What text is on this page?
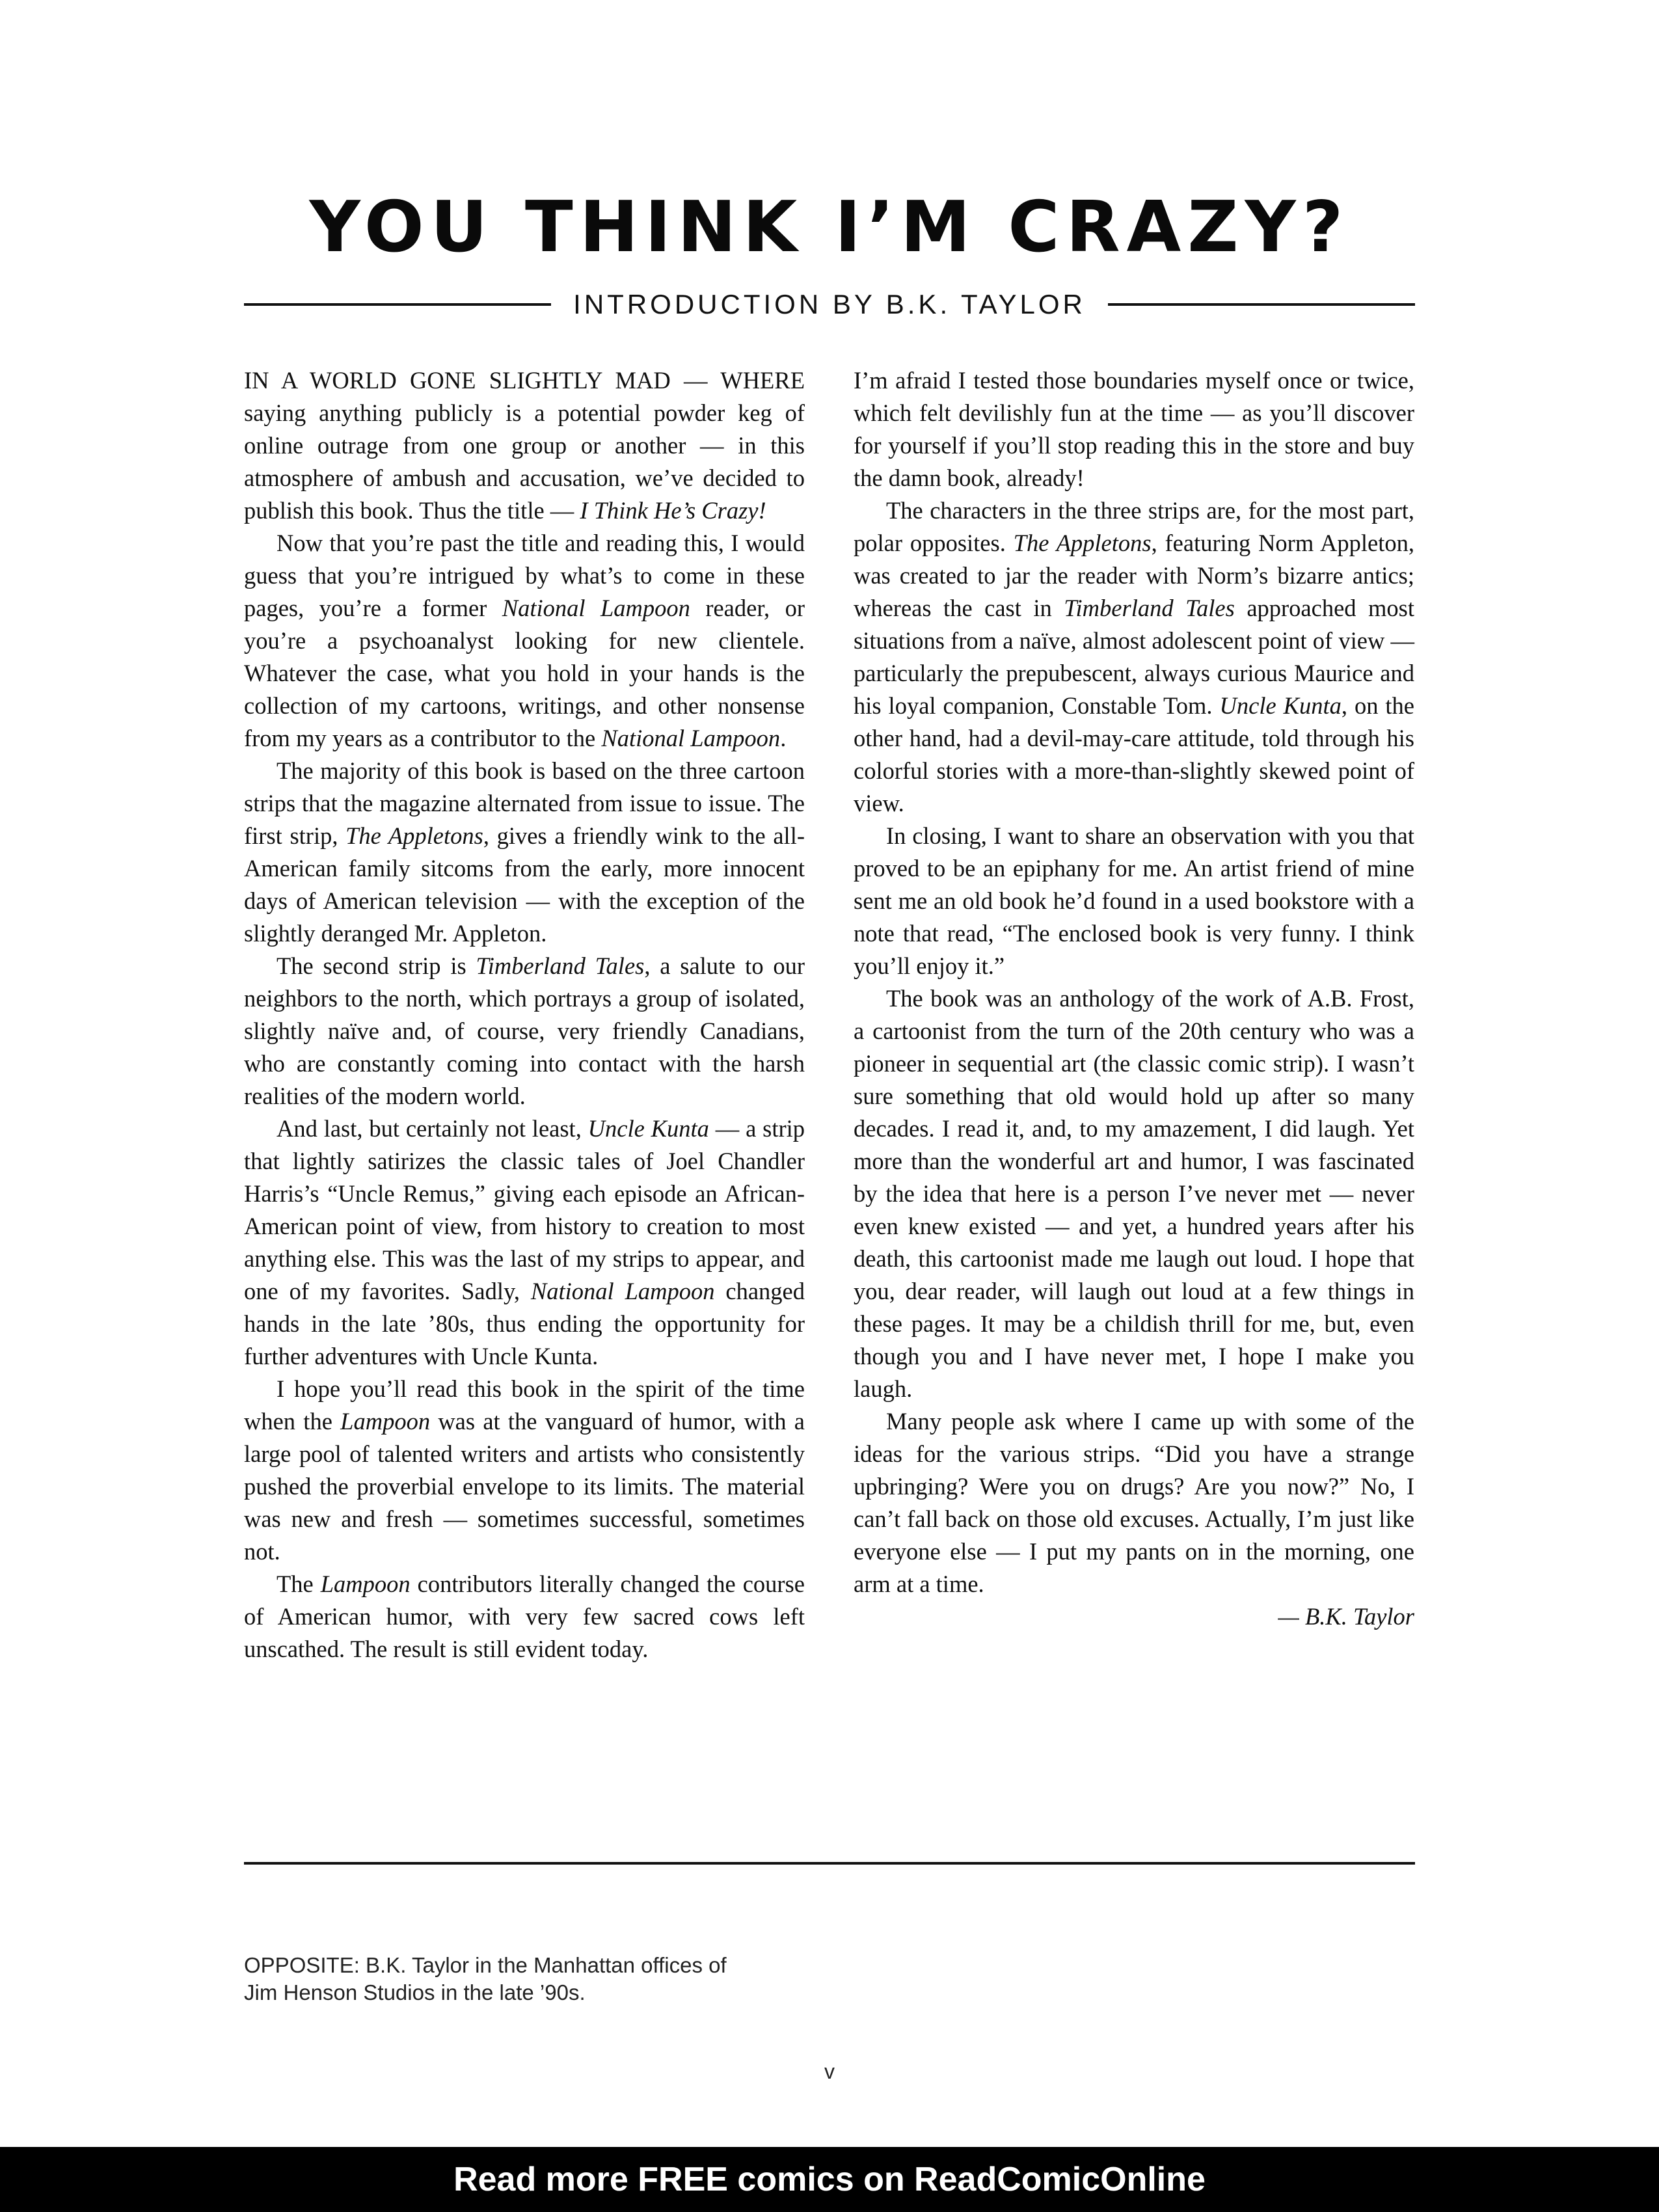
YOU THINK I’M CRAZY?
INTRODUCTION BY B.K. TAYLOR

IN A WORLD GONE SLIGHTLY MAD — WHERE saying anything publicly is a potential powder keg of online outrage from one group or another — in this atmosphere of ambush and accusation, we’ve decided to publish this book. Thus the title — I Think He’s Crazy!

Now that you’re past the title and reading this, I would guess that you’re intrigued by what’s to come in these pages, you’re a former National Lampoon reader, or you’re a psychoanalyst looking for new clientele. Whatever the case, what you hold in your hands is the collection of my cartoons, writings, and other nonsense from my years as a contributor to the National Lampoon.

The majority of this book is based on the three cartoon strips that the magazine alternated from issue to issue. The first strip, The Appletons, gives a friendly wink to the all-American family sitcoms from the early, more innocent days of American television — with the exception of the slightly deranged Mr. Appleton.

The second strip is Timberland Tales, a salute to our neighbors to the north, which portrays a group of isolated, slightly naïve and, of course, very friendly Canadians, who are constantly coming into contact with the harsh realities of the modern world.

And last, but certainly not least, Uncle Kunta — a strip that lightly satirizes the classic tales of Joel Chandler Harris’s “Uncle Remus,” giving each episode an African-American point of view, from history to creation to most anything else. This was the last of my strips to appear, and one of my favorites. Sadly, National Lampoon changed hands in the late ’80s, thus ending the opportunity for further adventures with Uncle Kunta.

I hope you’ll read this book in the spirit of the time when the Lampoon was at the vanguard of humor, with a large pool of talented writers and artists who consistently pushed the proverbial envelope to its limits. The material was new and fresh — sometimes successful, sometimes not.

The Lampoon contributors literally changed the course of American humor, with very few sacred cows left unscathed. The result is still evident today.

I’m afraid I tested those boundaries myself once or twice, which felt devilishly fun at the time — as you’ll discover for yourself if you’ll stop reading this in the store and buy the damn book, already!

The characters in the three strips are, for the most part, polar opposites. The Appletons, featuring Norm Appleton, was created to jar the reader with Norm’s bizarre antics; whereas the cast in Timberland Tales approached most situations from a naïve, almost adolescent point of view — particularly the prepubescent, always curious Maurice and his loyal companion, Constable Tom. Uncle Kunta, on the other hand, had a devil-may-care attitude, told through his colorful stories with a more-than-slightly skewed point of view.

In closing, I want to share an observation with you that proved to be an epiphany for me. An artist friend of mine sent me an old book he’d found in a used bookstore with a note that read, “The enclosed book is very funny. I think you’ll enjoy it.”

The book was an anthology of the work of A.B. Frost, a cartoonist from the turn of the 20th century who was a pioneer in sequential art (the classic comic strip). I wasn’t sure something that old would hold up after so many decades. I read it, and, to my amazement, I did laugh. Yet more than the wonderful art and humor, I was fascinated by the idea that here is a person I’ve never met — never even knew existed — and yet, a hundred years after his death, this cartoonist made me laugh out loud. I hope that you, dear reader, will laugh out loud at a few things in these pages. It may be a childish thrill for me, but, even though you and I have never met, I hope I make you laugh.

Many people ask where I came up with some of the ideas for the various strips. “Did you have a strange upbringing? Were you on drugs? Are you now?” No, I can’t fall back on those old excuses. Actually, I’m just like everyone else — I put my pants on in the morning, one arm at a time.

— B.K. Taylor

OPPOSITE: B.K. Taylor in the Manhattan offices of
Jim Henson Studios in the late ’90s.
v
Read more FREE comics on ReadComicOnline
